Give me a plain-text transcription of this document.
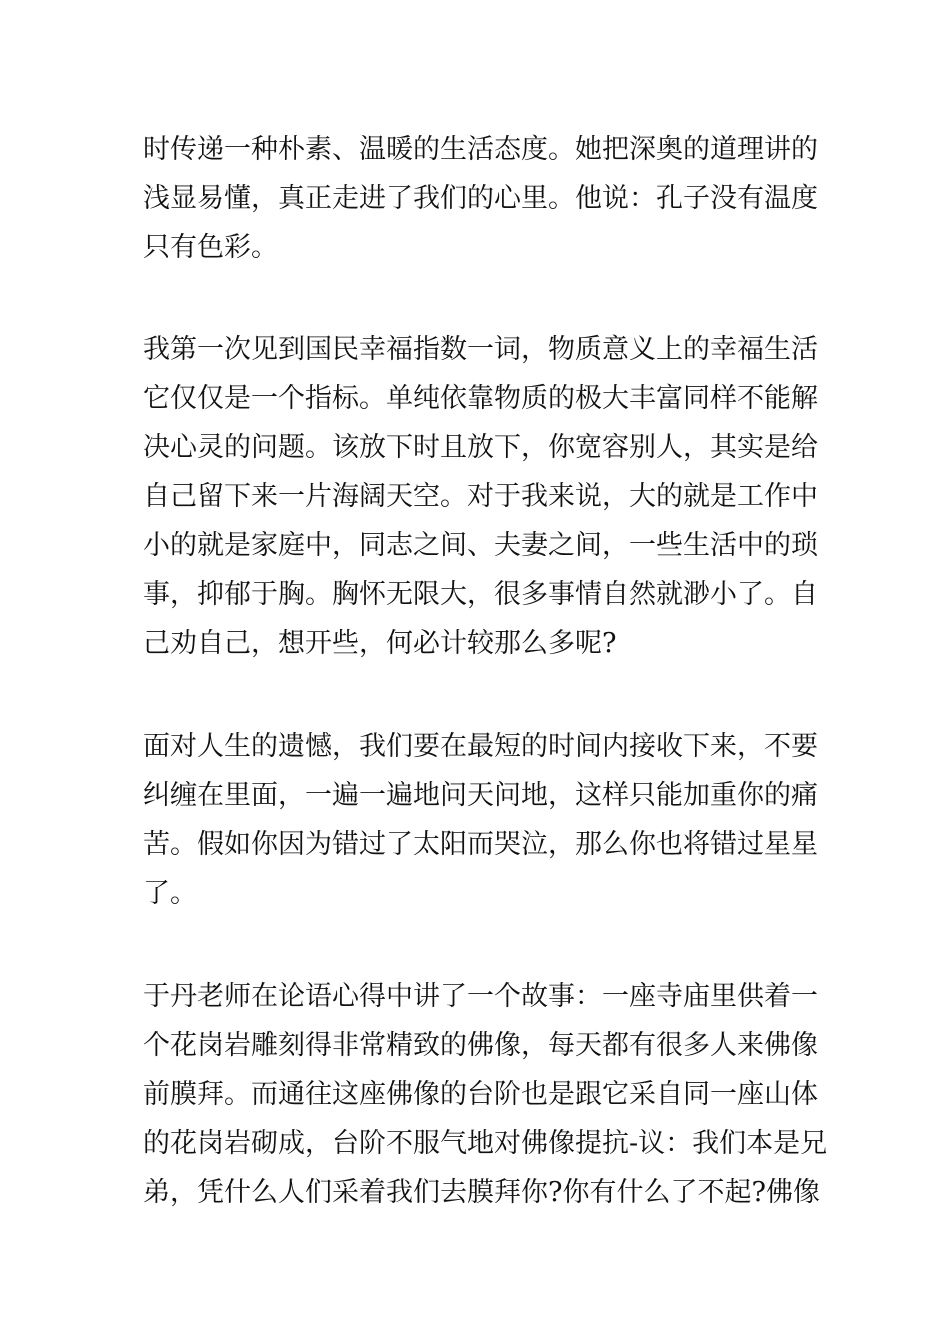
时传递一种朴素、温暖的生活态度。她把深奥的道理讲的
浅显易懂，真正走进了我们的心里。他说：孔子没有温度
只有色彩。
我第一次见到国民幸福指数一词，物质意义上的幸福生活
它仅仅是一个指标。单纯依靠物质的极大丰富同样不能解
决心灵的问题。该放下时且放下，你宽容别人，其实是给
自己留下来一片海阔天空。对于我来说，大的就是工作中
小的就是家庭中，同志之间、夫妻之间，一些生活中的琐
事，抑郁于胸。胸怀无限大，很多事情自然就渺小了。自
己劝自己，想开些，何必计较那么多呢?
面对人生的遗憾，我们要在最短的时间内接收下来，不要
纠缠在里面，一遍一遍地问天问地，这样只能加重你的痛
苦。假如你因为错过了太阳而哭泣，那么你也将错过星星
了。
于丹老师在论语心得中讲了一个故事：一座寺庙里供着一
个花岗岩雕刻得非常精致的佛像，每天都有很多人来佛像
前膜拜。而通往这座佛像的台阶也是跟它采自同一座山体
的花岗岩砌成，台阶不服气地对佛像提抗-议：我们本是兄
弟，凭什么人们采着我们去膜拜你?你有什么了不起?佛像
